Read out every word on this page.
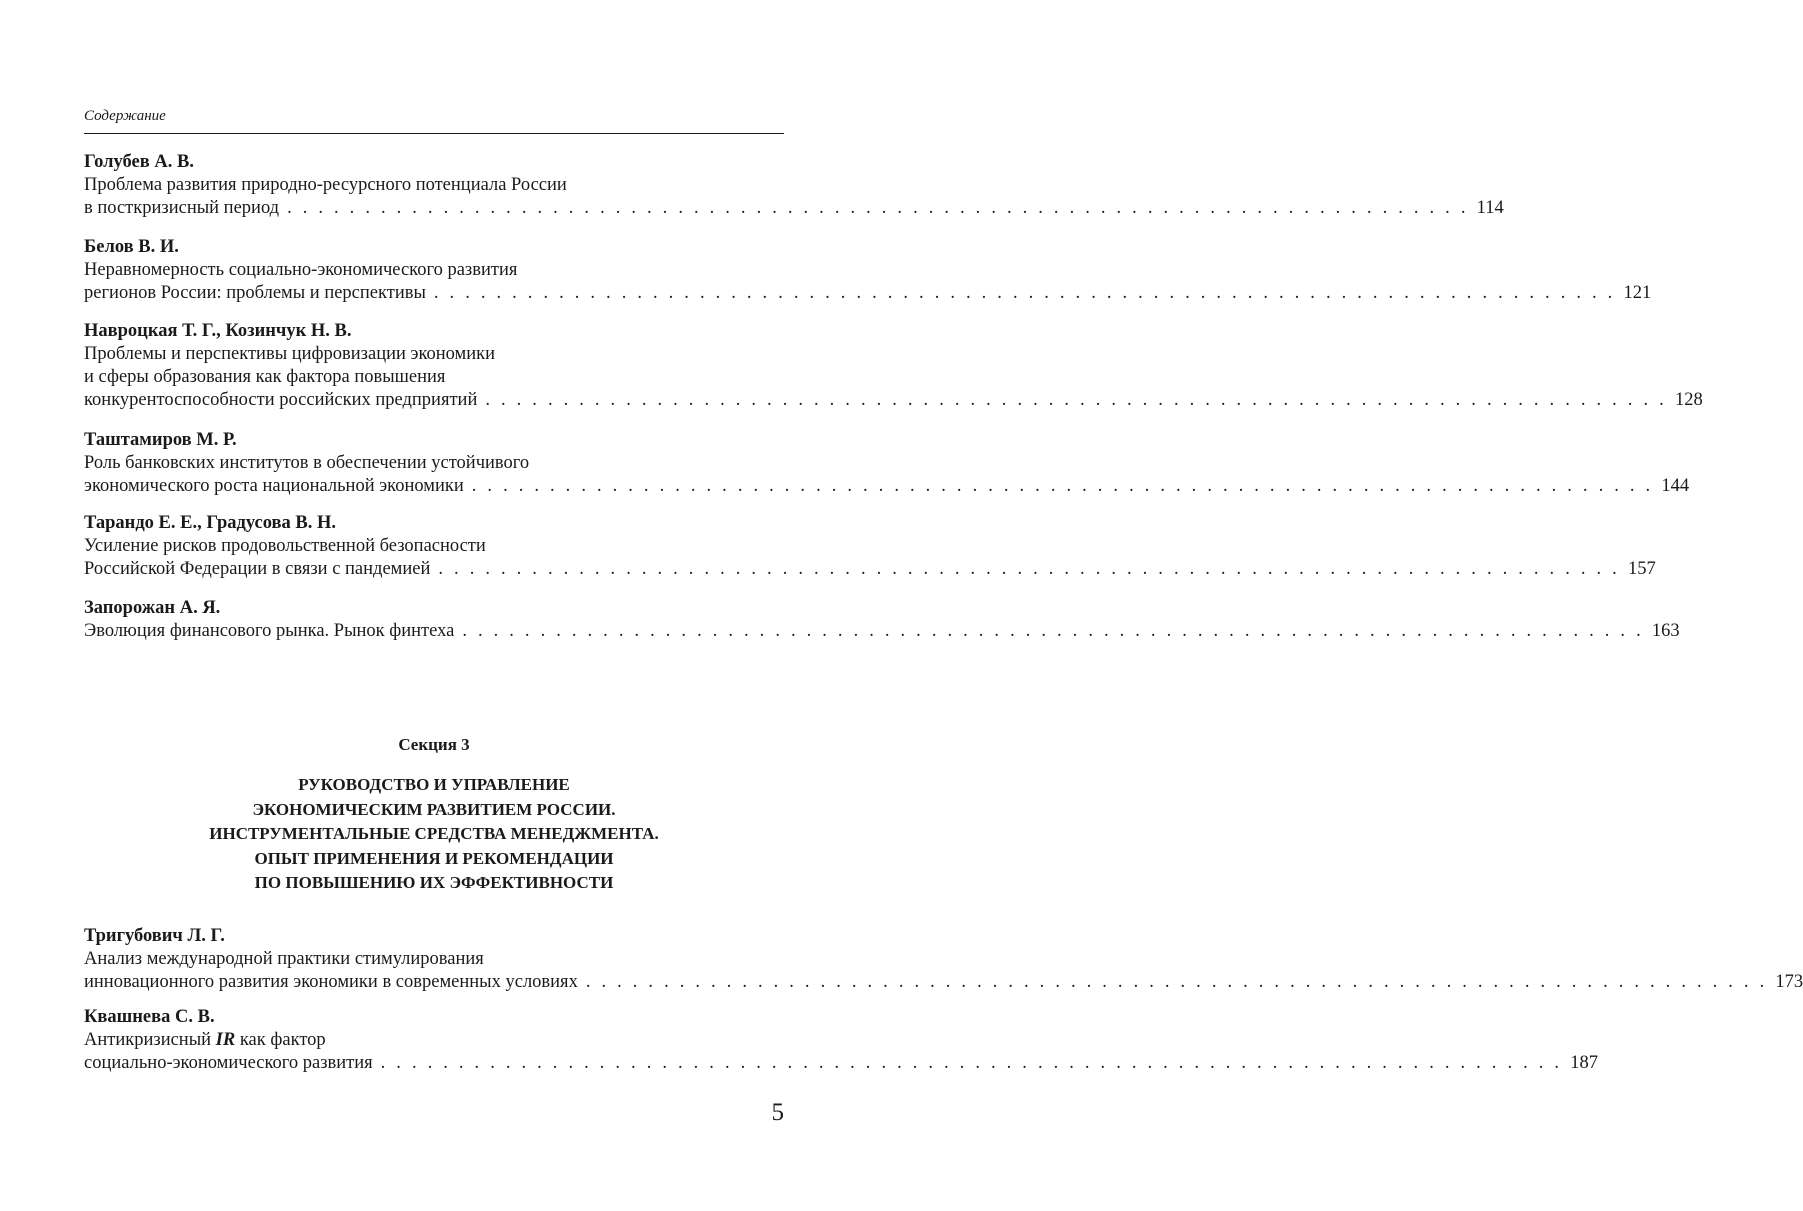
Содержание
Голубев А. В.
Проблема развития природно-ресурсного потенциала России
в посткризисный период . . . . . . . . . . . . . . . . . . . . . . . . . . . . . . . . . . . . . . . . . . . . . . . . . . . . . . . . . . . . . . . . . . . . . . . . . . . . 114
Белов В. И.
Неравномерность социально-экономического развития
регионов России: проблемы и перспективы . . . . . . . . . . . . . . . . . . . . . . . . . . . . . . . . . . . . . . . . . . . . . . . . . . . . . . . . . . . . . . . . . . . . . . . . . . . . 121
Навроцкая Т. Г., Козинчук Н. В.
Проблемы и перспективы цифровизации экономики
и сферы образования как фактора повышения
конкурентоспособности российских предприятий . . . . . . . . . . . . . . . . . . . . . . . . . . . . . . . . . . . . . . . . . . . . . . . . . . . . . . . . . . . . . . . . . . . . . . . . . . . . 128
Таштамиров М. Р.
Роль банковских институтов в обеспечении устойчивого
экономического роста национальной экономики . . . . . . . . . . . . . . . . . . . . . . . . . . . . . . . . . . . . . . . . . . . . . . . . . . . . . . . . . . . . . . . . . . . . . . . . . . . . 144
Тарандо Е. Е., Градусова В. Н.
Усиление рисков продовольственной безопасности
Российской Федерации в связи с пандемией . . . . . . . . . . . . . . . . . . . . . . . . . . . . . . . . . . . . . . . . . . . . . . . . . . . . . . . . . . . . . . . . . . . . . . . . . . . . 157
Запорожан А. Я.
Эволюция финансового рынка. Рынок финтеха . . . . . . . . . . . . . . . . . . . . . . . . . . . . . . . . . . . . . . . . . . . . . . . . . . . . . . . . . . . . . . . . . . . . . . . . . . . . 163
Секция 3
РУКОВОДСТВО И УПРАВЛЕНИЕ
ЭКОНОМИЧЕСКИМ РАЗВИТИЕМ РОССИИ.
ИНСТРУМЕНТАЛЬНЫЕ СРЕДСТВА МЕНЕДЖМЕНТА.
ОПЫТ ПРИМЕНЕНИЯ И РЕКОМЕНДАЦИИ
ПО ПОВЫШЕНИЮ ИХ ЭФФЕКТИВНОСТИ
Тригубович Л. Г.
Анализ международной практики стимулирования
инновационного развития экономики в современных условиях . . . . . . . . . . . . . . . . . . . . . . . . . . . . . . . . . . . . . . . . . . . . . . . . . . . . . . . . . . . . . . . . . . . . . . . . . . . . 173
Квашнева С. В.
Антикризисный IR как фактор
социально-экономического развития . . . . . . . . . . . . . . . . . . . . . . . . . . . . . . . . . . . . . . . . . . . . . . . . . . . . . . . . . . . . . . . . . . . . . . . . . . . . 187
5
